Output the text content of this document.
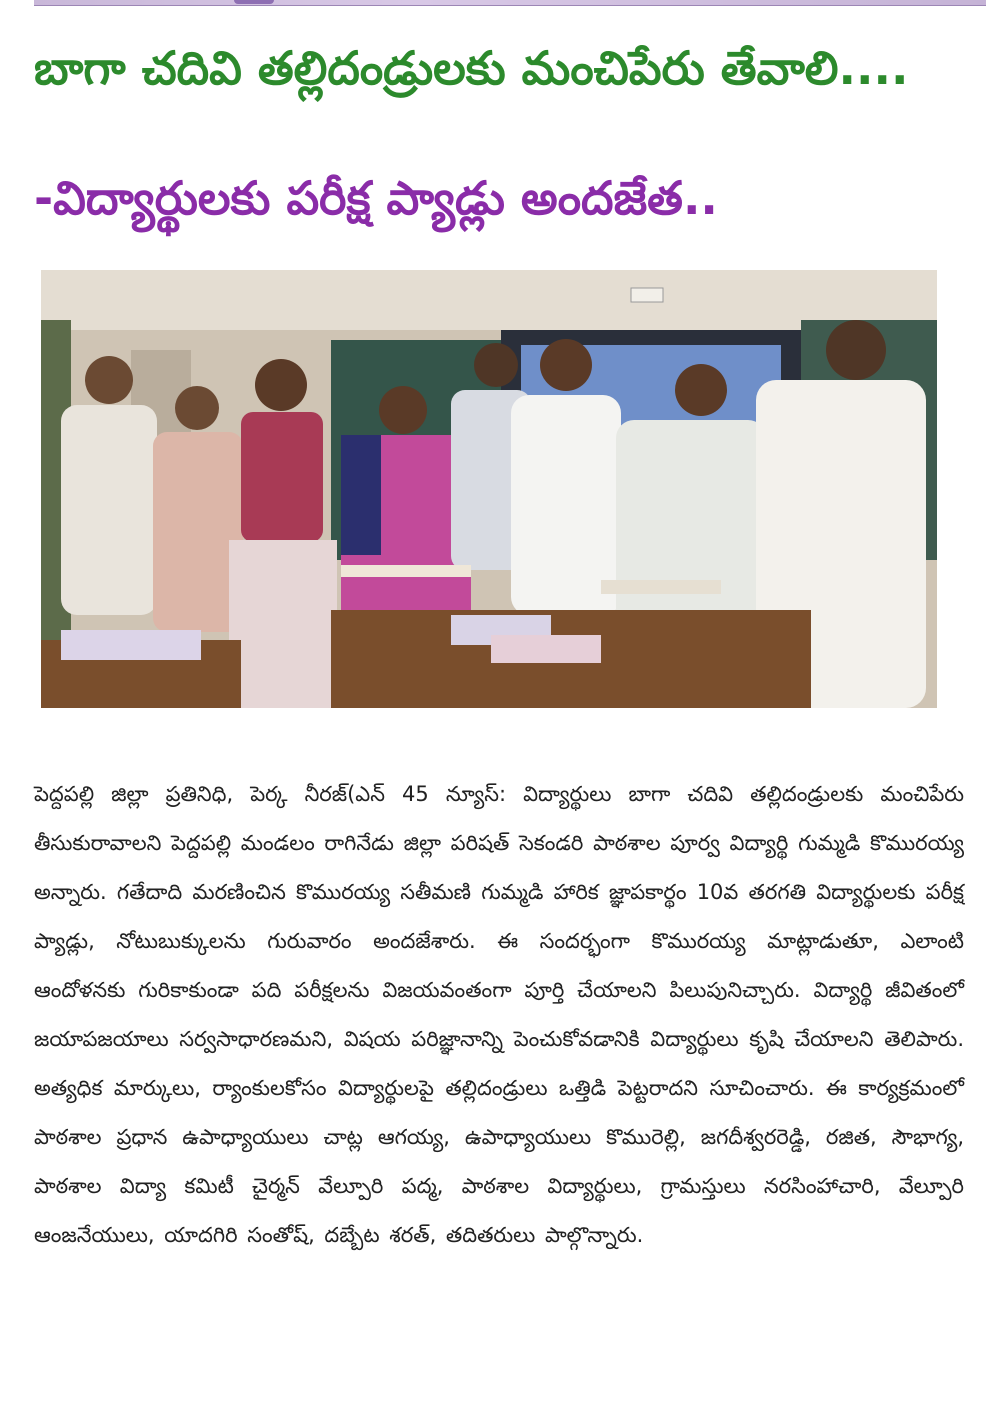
బాగా చదివి తల్లిదండ్రులకు మంచిపేరు తేవాలి....
-విద్యార్థులకు పరీక్ష ప్యాడ్లు అందజేత..
పెద్దపల్లి జిల్లా ప్రతినిధి, పెర్క నీరజ్(ఎన్ 45 న్యూస్: విద్యార్థులు బాగా చదివి తల్లిదండ్రులకు మంచిపేరు తీసుకురావాలని పెద్దపల్లి మండలం రాగినేడు జిల్లా పరిషత్ సెకండరి పాఠశాల పూర్వ విద్యార్థి గుమ్మడి కొమురయ్య అన్నారు. గతేదాది మరణించిన కొమురయ్య సతీమణి గుమ్మడి హారిక జ్ఞాపకార్థం 10వ తరగతి విద్యార్థులకు పరీక్ష ప్యాడ్లు, నోటుబుక్కులను గురువారం అందజేశారు. ఈ సందర్భంగా కొమురయ్య మాట్లాడుతూ, ఎలాంటి ఆందోళనకు గురికాకుండా పది పరీక్షలను విజయవంతంగా పూర్తి చేయాలని పిలుపునిచ్చారు. విద్యార్థి జీవితంలో జయాపజయాలు సర్వసాధారణమని, విషయ పరిజ్ఞానాన్ని పెంచుకోవడానికి విద్యార్థులు కృషి చేయాలని తెలిపారు. అత్యధిక మార్కులు, ర్యాంకులకోసం విద్యార్థులపై తల్లిదండ్రులు ఒత్తిడి పెట్టరాదని సూచించారు. ఈ కార్యక్రమంలో పాఠశాల ప్రధాన ఉపాధ్యాయులు చాట్ల ఆగయ్య, ఉపాధ్యాయులు కొమురెల్లి, జగదీశ్వరరెడ్డి, రజిత, సౌభాగ్య, పాఠశాల విద్యా కమిటీ చైర్మన్ వేల్పూరి పద్మ, పాఠశాల విద్యార్థులు, గ్రామస్తులు నరసింహాచారి, వేల్పూరి ఆంజనేయులు, యాదగిరి సంతోష్, దబ్బేట శరత్, తదితరులు పాల్గొన్నారు.
